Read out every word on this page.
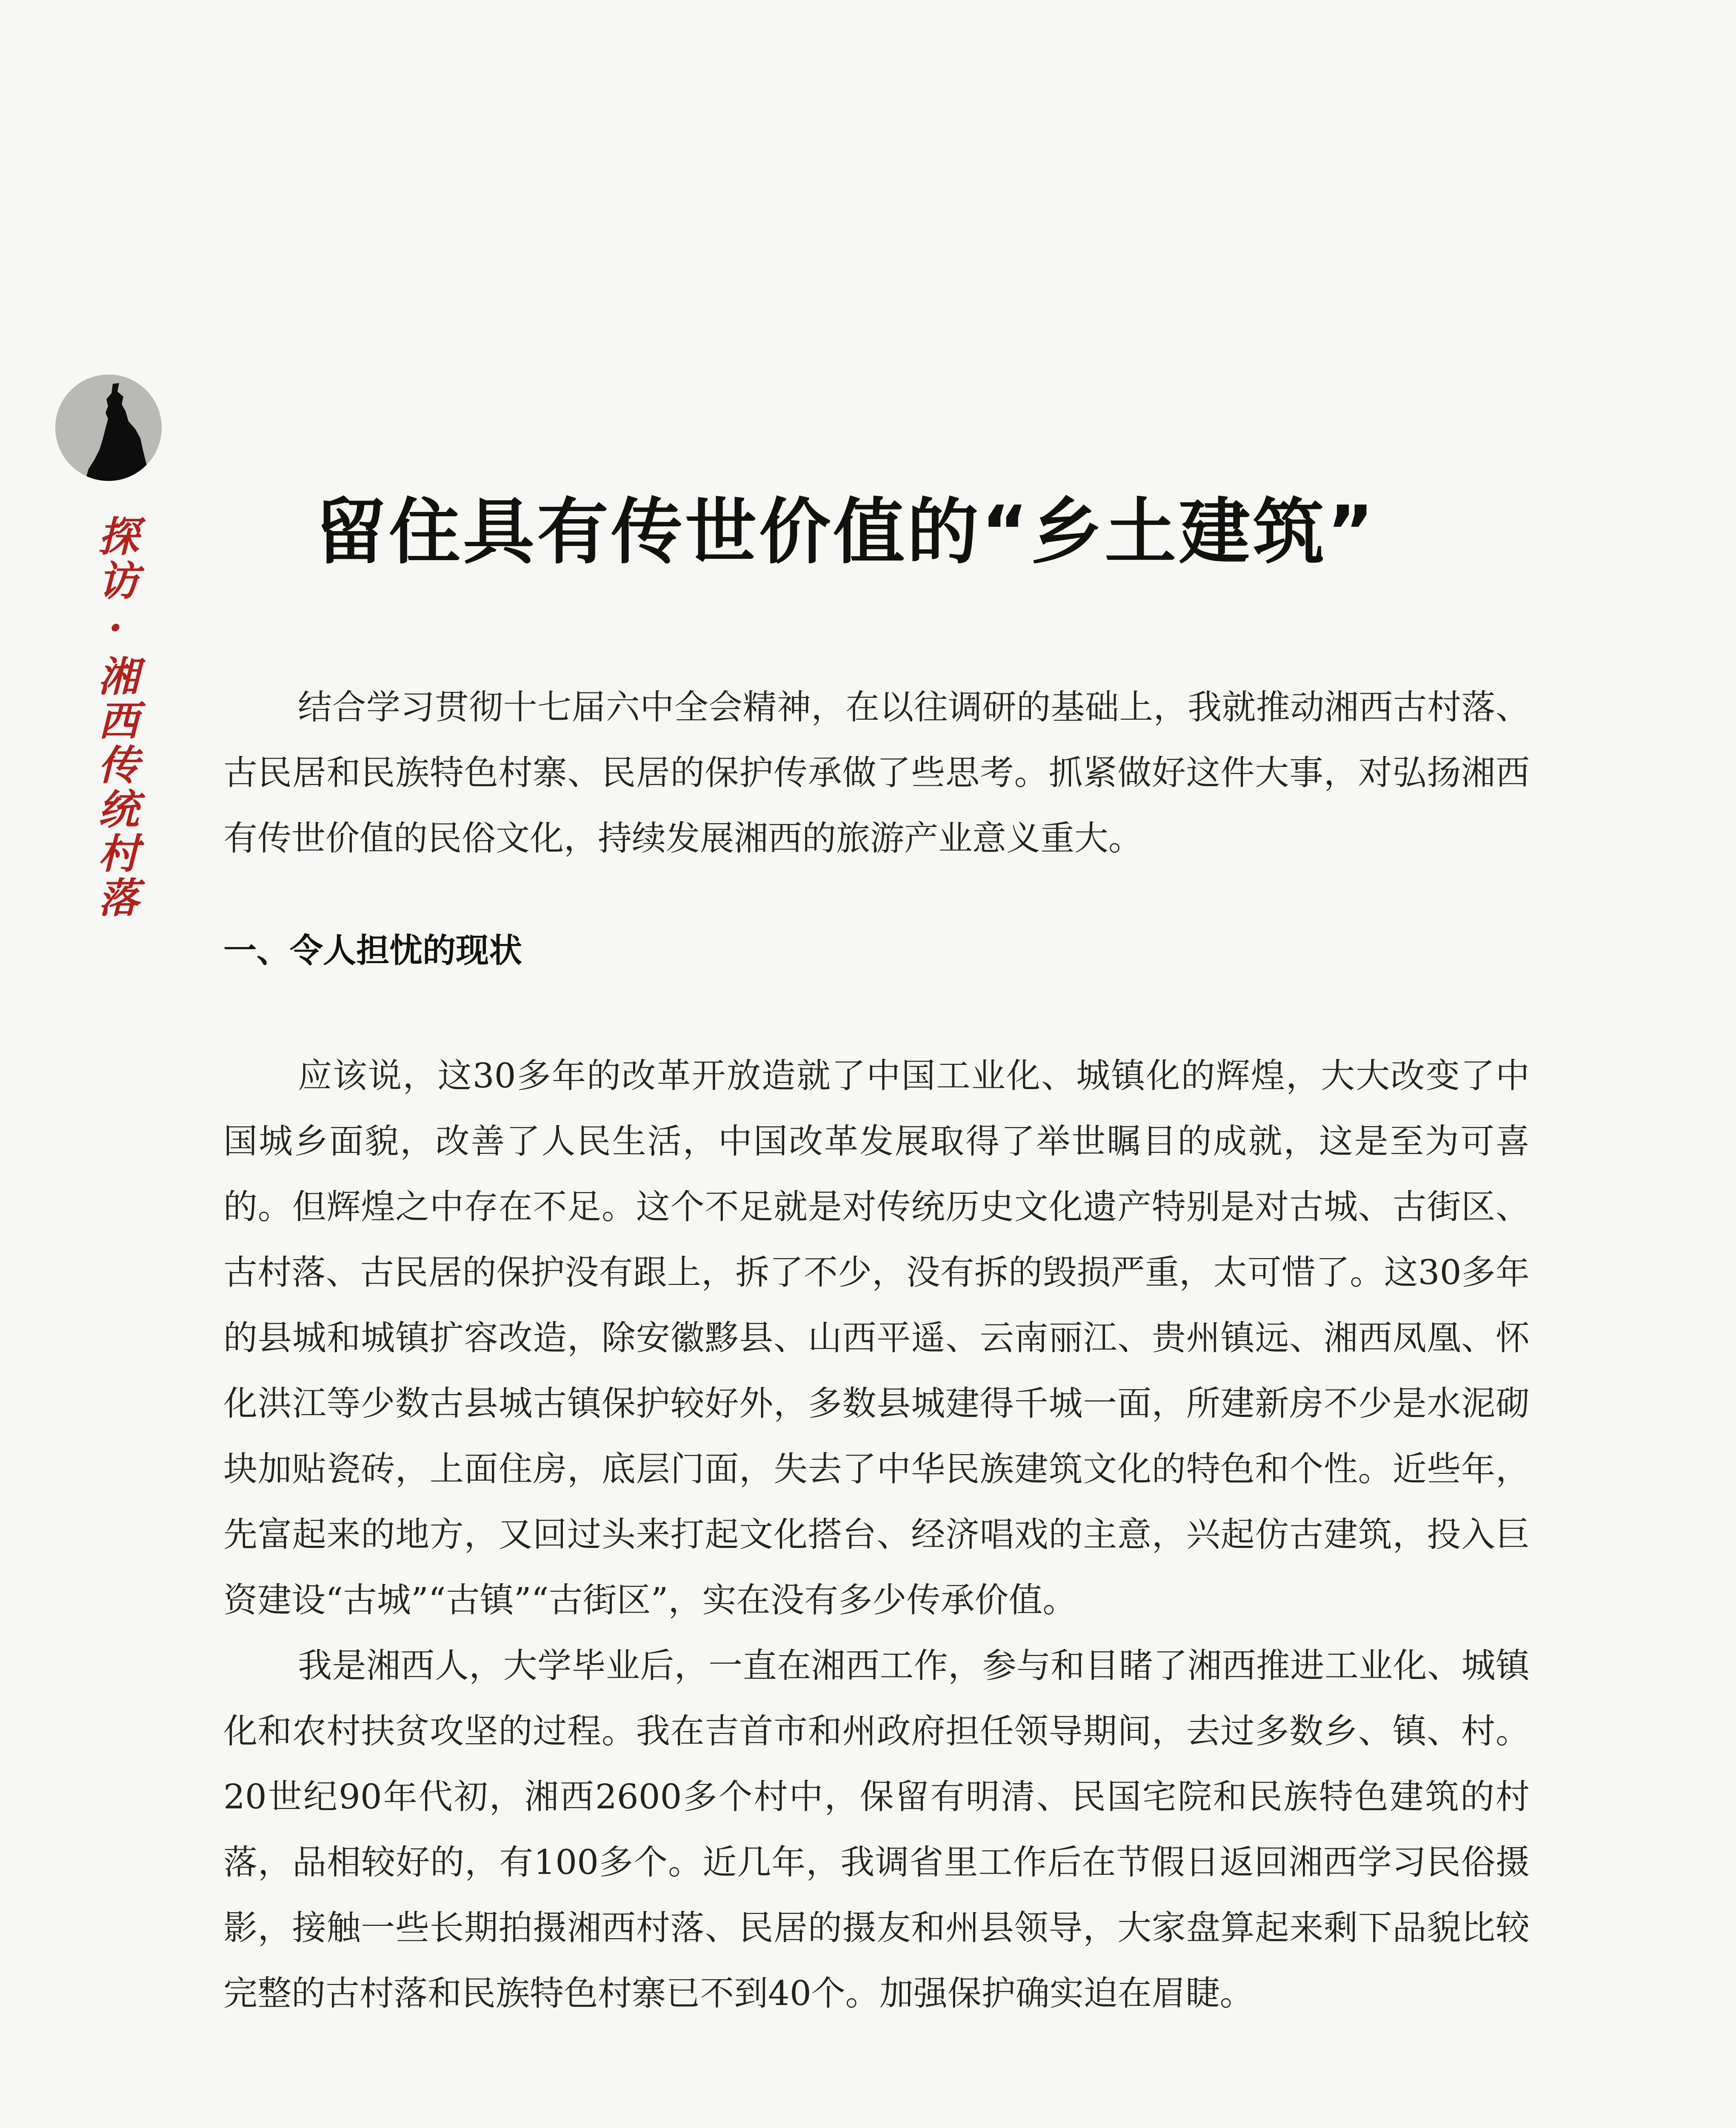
探访·湘西传统村落 留住具有传世价值的“乡土建筑”

结合学习贯彻十七届六中全会精神，在以往调研的基础上，我就推动湘西古村落、古民居和民族特色村寨、民居的保护传承做了些思考。抓紧做好这件大事，对弘扬湘西有传世价值的民俗文化，持续发展湘西的旅游产业意义重大。

一、令人担忧的现状

应该说，这30多年的改革开放造就了中国工业化、城镇化的辉煌，大大改变了中国城乡面貌，改善了人民生活，中国改革发展取得了举世瞩目的成就，这是至为可喜的。但辉煌之中存在不足。这个不足就是对传统历史文化遗产特别是对古城、古街区、古村落、古民居的保护没有跟上，拆了不少，没有拆的毁损严重，太可惜了。这30多年的县城和城镇扩容改造，除安徽黟县、山西平遥、云南丽江、贵州镇远、湘西凤凰、怀化洪江等少数古县城古镇保护较好外，多数县城建得千城一面，所建新房不少是水泥砌块加贴瓷砖，上面住房，底层门面，失去了中华民族建筑文化的特色和个性。近些年，先富起来的地方，又回过头来打起文化搭台、经济唱戏的主意，兴起仿古建筑，投入巨资建设“古城”“古镇”“古街区”，实在没有多少传承价值。

我是湘西人，大学毕业后，一直在湘西工作，参与和目睹了湘西推进工业化、城镇化和农村扶贫攻坚的过程。我在吉首市和州政府担任领导期间，去过多数乡、镇、村。20世纪90年代初，湘西2600多个村中，保留有明清、民国宅院和民族特色建筑的村落，品相较好的，有100多个。近几年，我调省里工作后在节假日返回湘西学习民俗摄影，接触一些长期拍摄湘西村落、民居的摄友和州县领导，大家盘算起来剩下品貌比较完整的古村落和民族特色村寨已不到40个。加强保护确实迫在眉睫。
